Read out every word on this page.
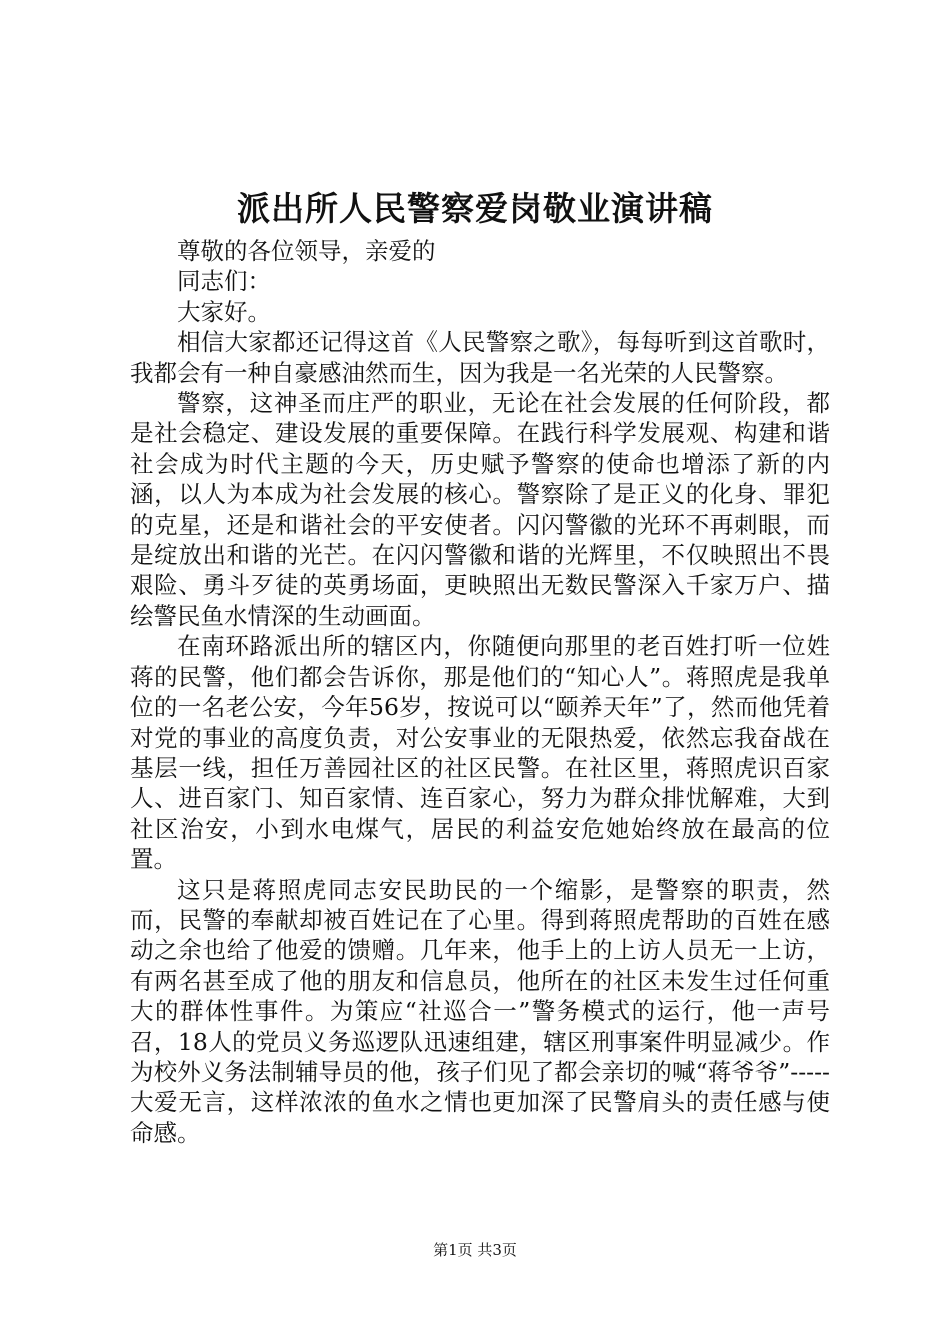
派出所人民警察爱岗敬业演讲稿

尊敬的各位领导，亲爱的

同志们：

大家好。

相信大家都还记得这首《人民警察之歌》，每每听到这首歌时，我都会有一种自豪感油然而生，因为我是一名光荣的人民警察。

警察，这神圣而庄严的职业，无论在社会发展的任何阶段，都是社会稳定、建设发展的重要保障。在践行科学发展观、构建和谐社会成为时代主题的今天，历史赋予警察的使命也增添了新的内涵，以人为本成为社会发展的核心。警察除了是正义的化身、罪犯的克星，还是和谐社会的平安使者。闪闪警徽的光环不再刺眼，而是绽放出和谐的光芒。在闪闪警徽和谐的光辉里，不仅映照出不畏艰险、勇斗歹徒的英勇场面，更映照出无数民警深入千家万户、描绘警民鱼水情深的生动画面。

在南环路派出所的辖区内，你随便向那里的老百姓打听一位姓蒋的民警，他们都会告诉你，那是他们的“知心人”。蒋照虎是我单位的一名老公安，今年56岁，按说可以“颐养天年”了，然而他凭着对党的事业的高度负责，对公安事业的无限热爱，依然忘我奋战在基层一线，担任万善园社区的社区民警。在社区里，蒋照虎识百家人、进百家门、知百家情、连百家心，努力为群众排忧解难，大到社区治安，小到水电煤气，居民的利益安危她始终放在最高的位置。

这只是蒋照虎同志安民助民的一个缩影，是警察的职责，然而，民警的奉献却被百姓记在了心里。得到蒋照虎帮助的百姓在感动之余也给了他爱的馈赠。几年来，他手上的上访人员无一上访，有两名甚至成了他的朋友和信息员，他所在的社区未发生过任何重大的群体性事件。为策应“社巡合一”警务模式的运行，他一声号召，18人的党员义务巡逻队迅速组建，辖区刑事案件明显减少。作为校外义务法制辅导员的他，孩子们见了都会亲切的喊“蒋爷爷”-----大爱无言，这样浓浓的鱼水之情也更加深了民警肩头的责任感与使命感。

第1页 共3页
